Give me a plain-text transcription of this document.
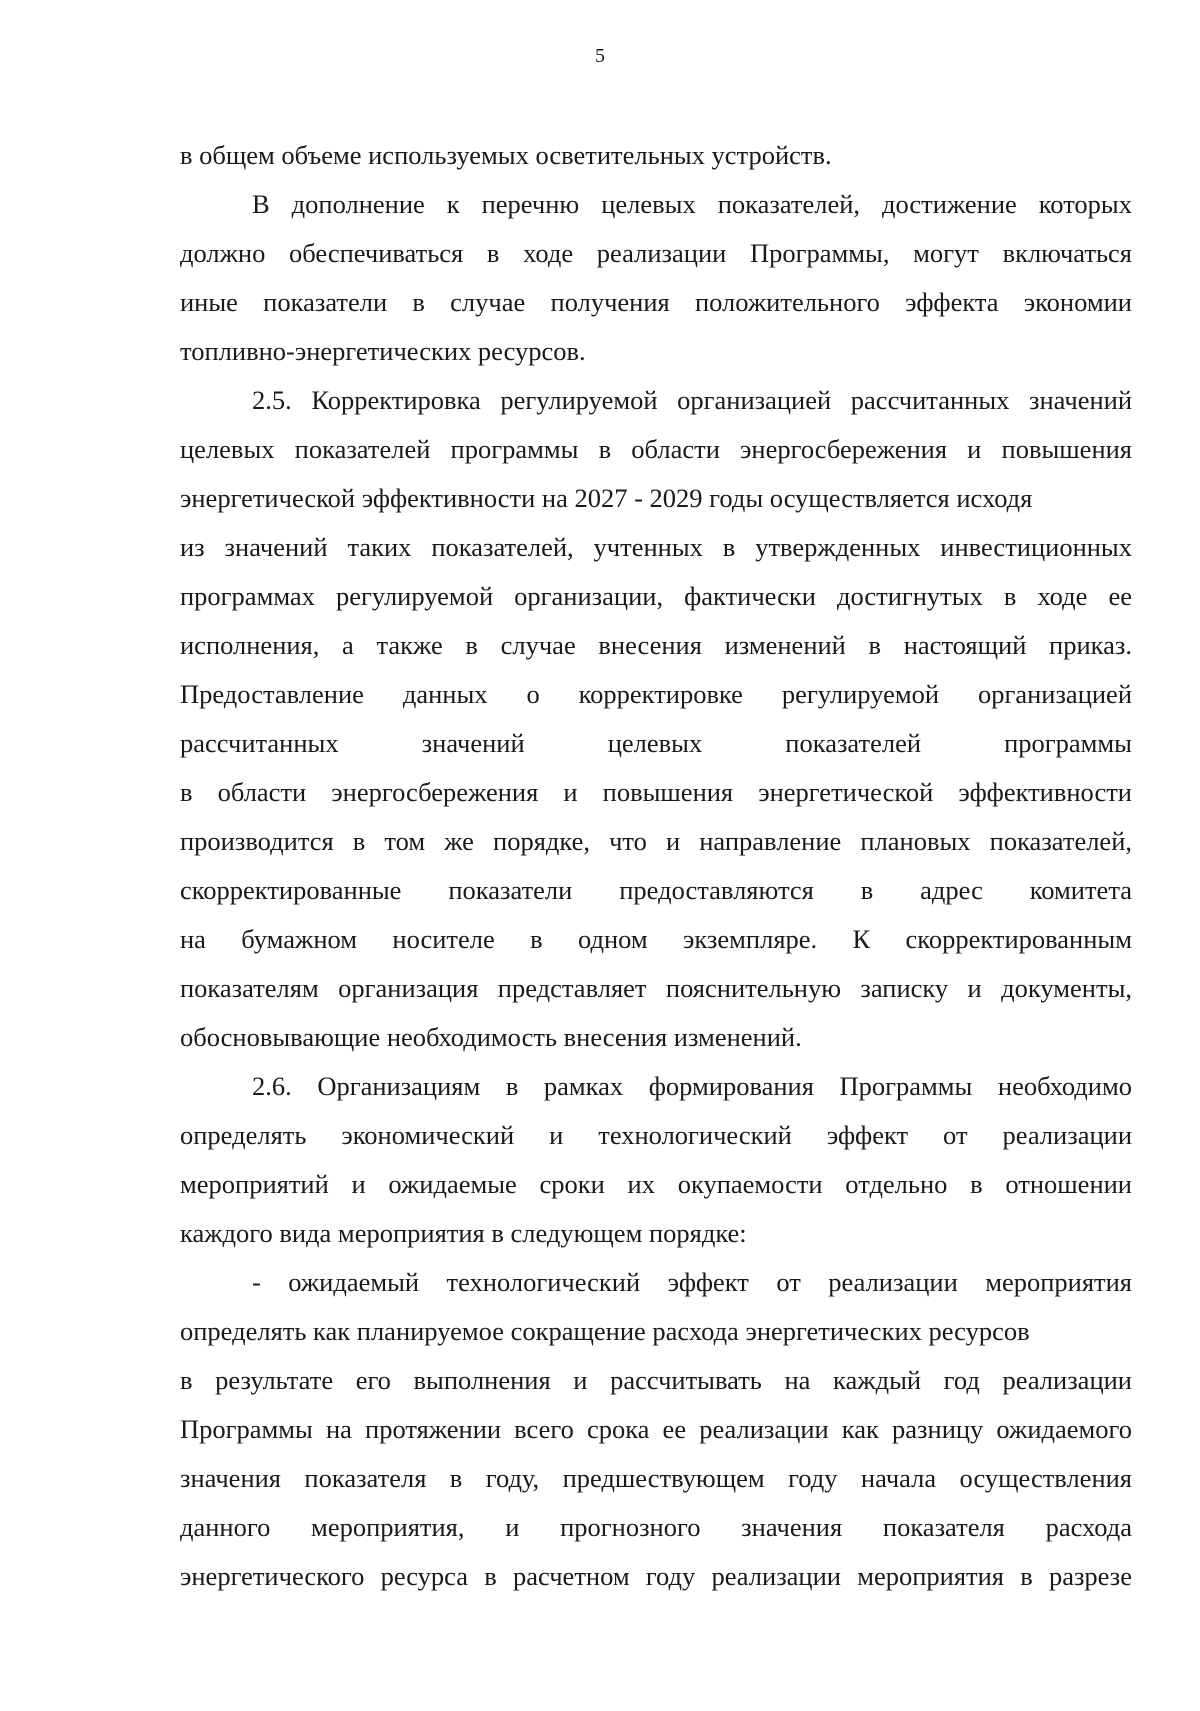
5
в общем объеме используемых осветительных устройств.
В дополнение к перечню целевых показателей, достижение которых
должно обеспечиваться в ходе реализации Программы, могут включаться
иные показатели в случае получения положительного эффекта экономии
топливно-энергетических ресурсов.
2.5. Корректировка регулируемой организацией рассчитанных значений
целевых показателей программы в области энергосбережения и повышения
энергетической эффективности на 2027 - 2029 годы осуществляется исходя
из значений таких показателей, учтенных в утвержденных инвестиционных
программах регулируемой организации, фактически достигнутых в ходе ее
исполнения, а также в случае внесения изменений в настоящий приказ.
Предоставление данных о корректировке регулируемой организацией
рассчитанных значений целевых показателей программы
в области энергосбережения и повышения энергетической эффективности
производится в том же порядке, что и направление плановых показателей,
скорректированные показатели предоставляются в адрес комитета
на бумажном носителе в одном экземпляре. К скорректированным
показателям организация представляет пояснительную записку и документы,
обосновывающие необходимость внесения изменений.
2.6. Организациям в рамках формирования Программы необходимо
определять экономический и технологический эффект от реализации
мероприятий и ожидаемые сроки их окупаемости отдельно в отношении
каждого вида мероприятия в следующем порядке:
- ожидаемый технологический эффект от реализации мероприятия
определять как планируемое сокращение расхода энергетических ресурсов
в результате его выполнения и рассчитывать на каждый год реализации
Программы на протяжении всего срока ее реализации как разницу ожидаемого
значения показателя в году, предшествующем году начала осуществления
данного мероприятия, и прогнозного значения показателя расхода
энергетического ресурса в расчетном году реализации мероприятия в разрезе
